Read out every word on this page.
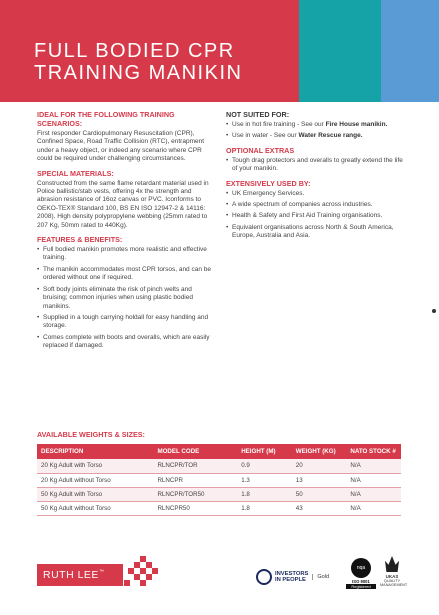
FULL BODIED CPR
TRAINING MANIKIN
IDEAL FOR THE FOLLOWING TRAINING SCENARIOS:

First responder Cardiopulmonary Resuscitation (CPR), Confined Space, Road Traffic Collision (RTC), entrapment under a heavy object, or indeed any scenario where CPR could be required under challenging circumstances.

SPECIAL MATERIALS:

Constructed from the same flame retardant material used in Police ballistic/stab vests, offering 4x the strength and abrasion resistance of 16oz canvas or PVC. Iconforms to OEKO-TEX® Standard 100, BS EN ISO 12947-2 & 14116: 2008). High density polypropylene webbing (25mm rated to 207 Kg, 50mm rated to 440Kg).

FEATURES & BENEFITS:
• Full bodied manikin promotes more realistic and effective training.
• The manikin accommodates most CPR torsos, and can be ordered without one if required.
• Soft body joints eliminate the risk of pinch welts and bruising; common injuries when using plastic bodied manikins.
• Supplied in a tough carrying holdall for easy handling and storage.
• Comes complete with boots and overalls, which are easily replaced if damaged.
NOT SUITED FOR:
• Use in hot fire training - See our Fire House manikin.
• Use in water - See our Water Rescue range.
OPTIONAL EXTRAS
• Tough drag protectors and overalls to greatly extend the life of your manikin.
EXTENSIVELY USED BY:
• UK Emergency Services.
• A wide spectrum of companies across industries.
• Health & Safety and First Aid Training organisations.
• Equivalent organisations across North & South America, Europe, Australia and Asia.
AVAILABLE WEIGHTS & SIZES:
DESCRIPTION	MODEL CODE	HEIGHT (M)	WEIGHT (KG)	NATO STOCK #
20 Kg Adult with Torso	RLNCPR/TOR	0.9	20	N/A
20 Kg Adult without Torso	RLNCPR	1.3	13	N/A
50 Kg Adult with Torso	RLNCPR/TOR50	1.8	50	N/A
50 Kg Adult without Torso	RLNCPR50	1.8	43	N/A
RUTH LEE™	INVESTORS
IN PEOPLE	Gold
nqa
ISO 9001
Registered
UKAS
QUALITY MANAGEMENT
